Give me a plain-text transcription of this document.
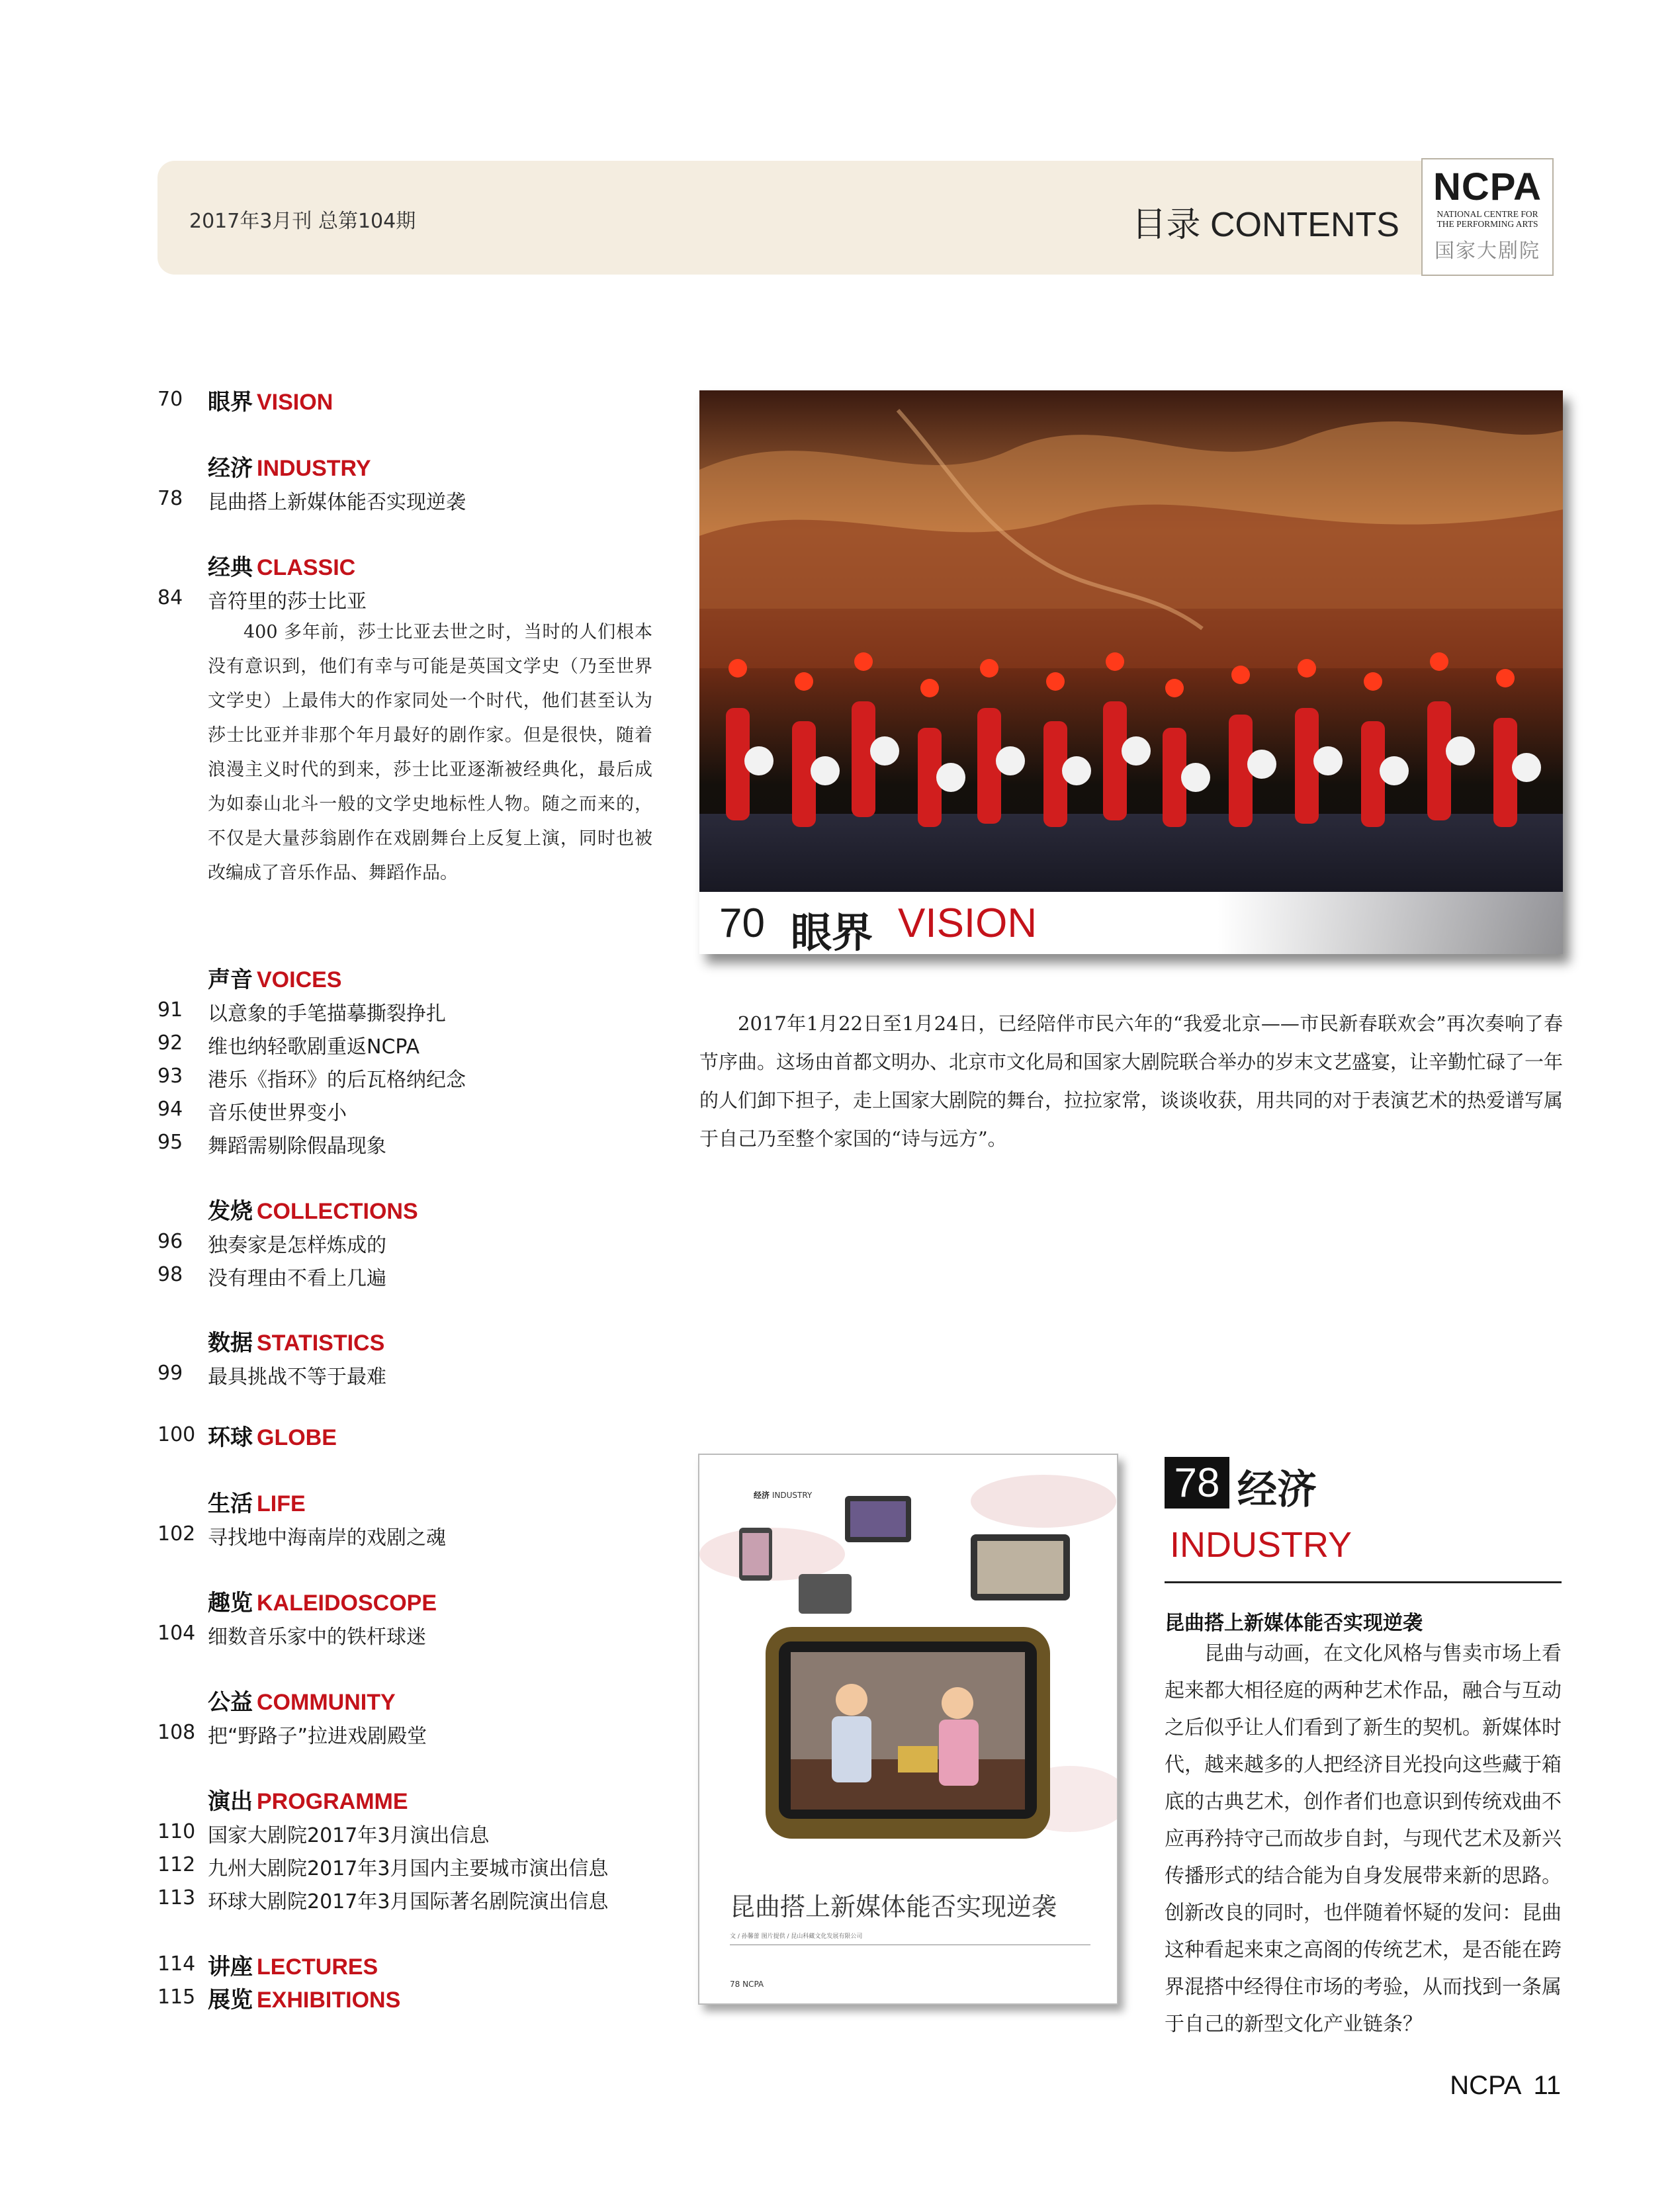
2017年3月刊 总第104期	目录 CONTENTS
NCPA
NATIONAL CENTRE FOR
THE PERFORMING ARTS
国家大剧院
70 眼界 VISION
经济 INDUSTRY
78 昆曲搭上新媒体能否实现逆袭
经典 CLASSIC
84 音符里的莎士比亚

400 多年前，莎士比亚去世之时，当时的人们根本没有意识到，他们有幸与可能是英国文学史（乃至世界文学史）上最伟大的作家同处一个时代，他们甚至认为莎士比亚并非那个年月最好的剧作家。但是很快，随着浪漫主义时代的到来，莎士比亚逐渐被经典化，最后成为如泰山北斗一般的文学史地标性人物。随之而来的，不仅是大量莎翁剧作在戏剧舞台上反复上演，同时也被改编成了音乐作品、舞蹈作品。

声音 VOICES
91 以意象的手笔描摹撕裂挣扎
92 维也纳轻歌剧重返NCPA
93 港乐《指环》的后瓦格纳纪念
94 音乐使世界变小
95 舞蹈需剔除假晶现象
发烧 COLLECTIONS
96 独奏家是怎样炼成的
98 没有理由不看上几遍
数据 STATISTICS
99 最具挑战不等于最难
100 环球 GLOBE
生活 LIFE
102 寻找地中海南岸的戏剧之魂
趣览 KALEIDOSCOPE
104 细数音乐家中的铁杆球迷
公益 COMMUNITY
108 把“野路子”拉进戏剧殿堂
演出 PROGRAMME
110 国家大剧院2017年3月演出信息
112 九州大剧院2017年3月国内主要城市演出信息
113 环球大剧院2017年3月国际著名剧院演出信息
114 讲座 LECTURES
115 展览 EXHIBITIONS
70 眼界 VISION

2017年1月22日至1月24日，已经陪伴市民六年的“我爱北京——市民新春联欢会”再次奏响了春节序曲。这场由首都文明办、北京市文化局和国家大剧院联合举办的岁末文艺盛宴，让辛勤忙碌了一年的人们卸下担子，走上国家大剧院的舞台，拉拉家常，谈谈收获，用共同的对于表演艺术的热爱谱写属于自己乃至整个家国的“诗与远方”。

经济 INDUSTRY
昆曲搭上新媒体能否实现逆袭
文 / 孙馨蕾 图片提供 / 昆山科藏文化发展有限公司
78 NCPA
78 经济
INDUSTRY
昆曲搭上新媒体能否实现逆袭

昆曲与动画，在文化风格与售卖市场上看起来都大相径庭的两种艺术作品，融合与互动之后似乎让人们看到了新生的契机。新媒体时代，越来越多的人把经济目光投向这些藏于箱底的古典艺术，创作者们也意识到传统戏曲不应再矜持守己而故步自封，与现代艺术及新兴传播形式的结合能为自身发展带来新的思路。创新改良的同时，也伴随着怀疑的发问：昆曲这种看起来束之高阁的传统艺术，是否能在跨界混搭中经得住市场的考验，从而找到一条属于自己的新型文化产业链条？

NCPA 11
